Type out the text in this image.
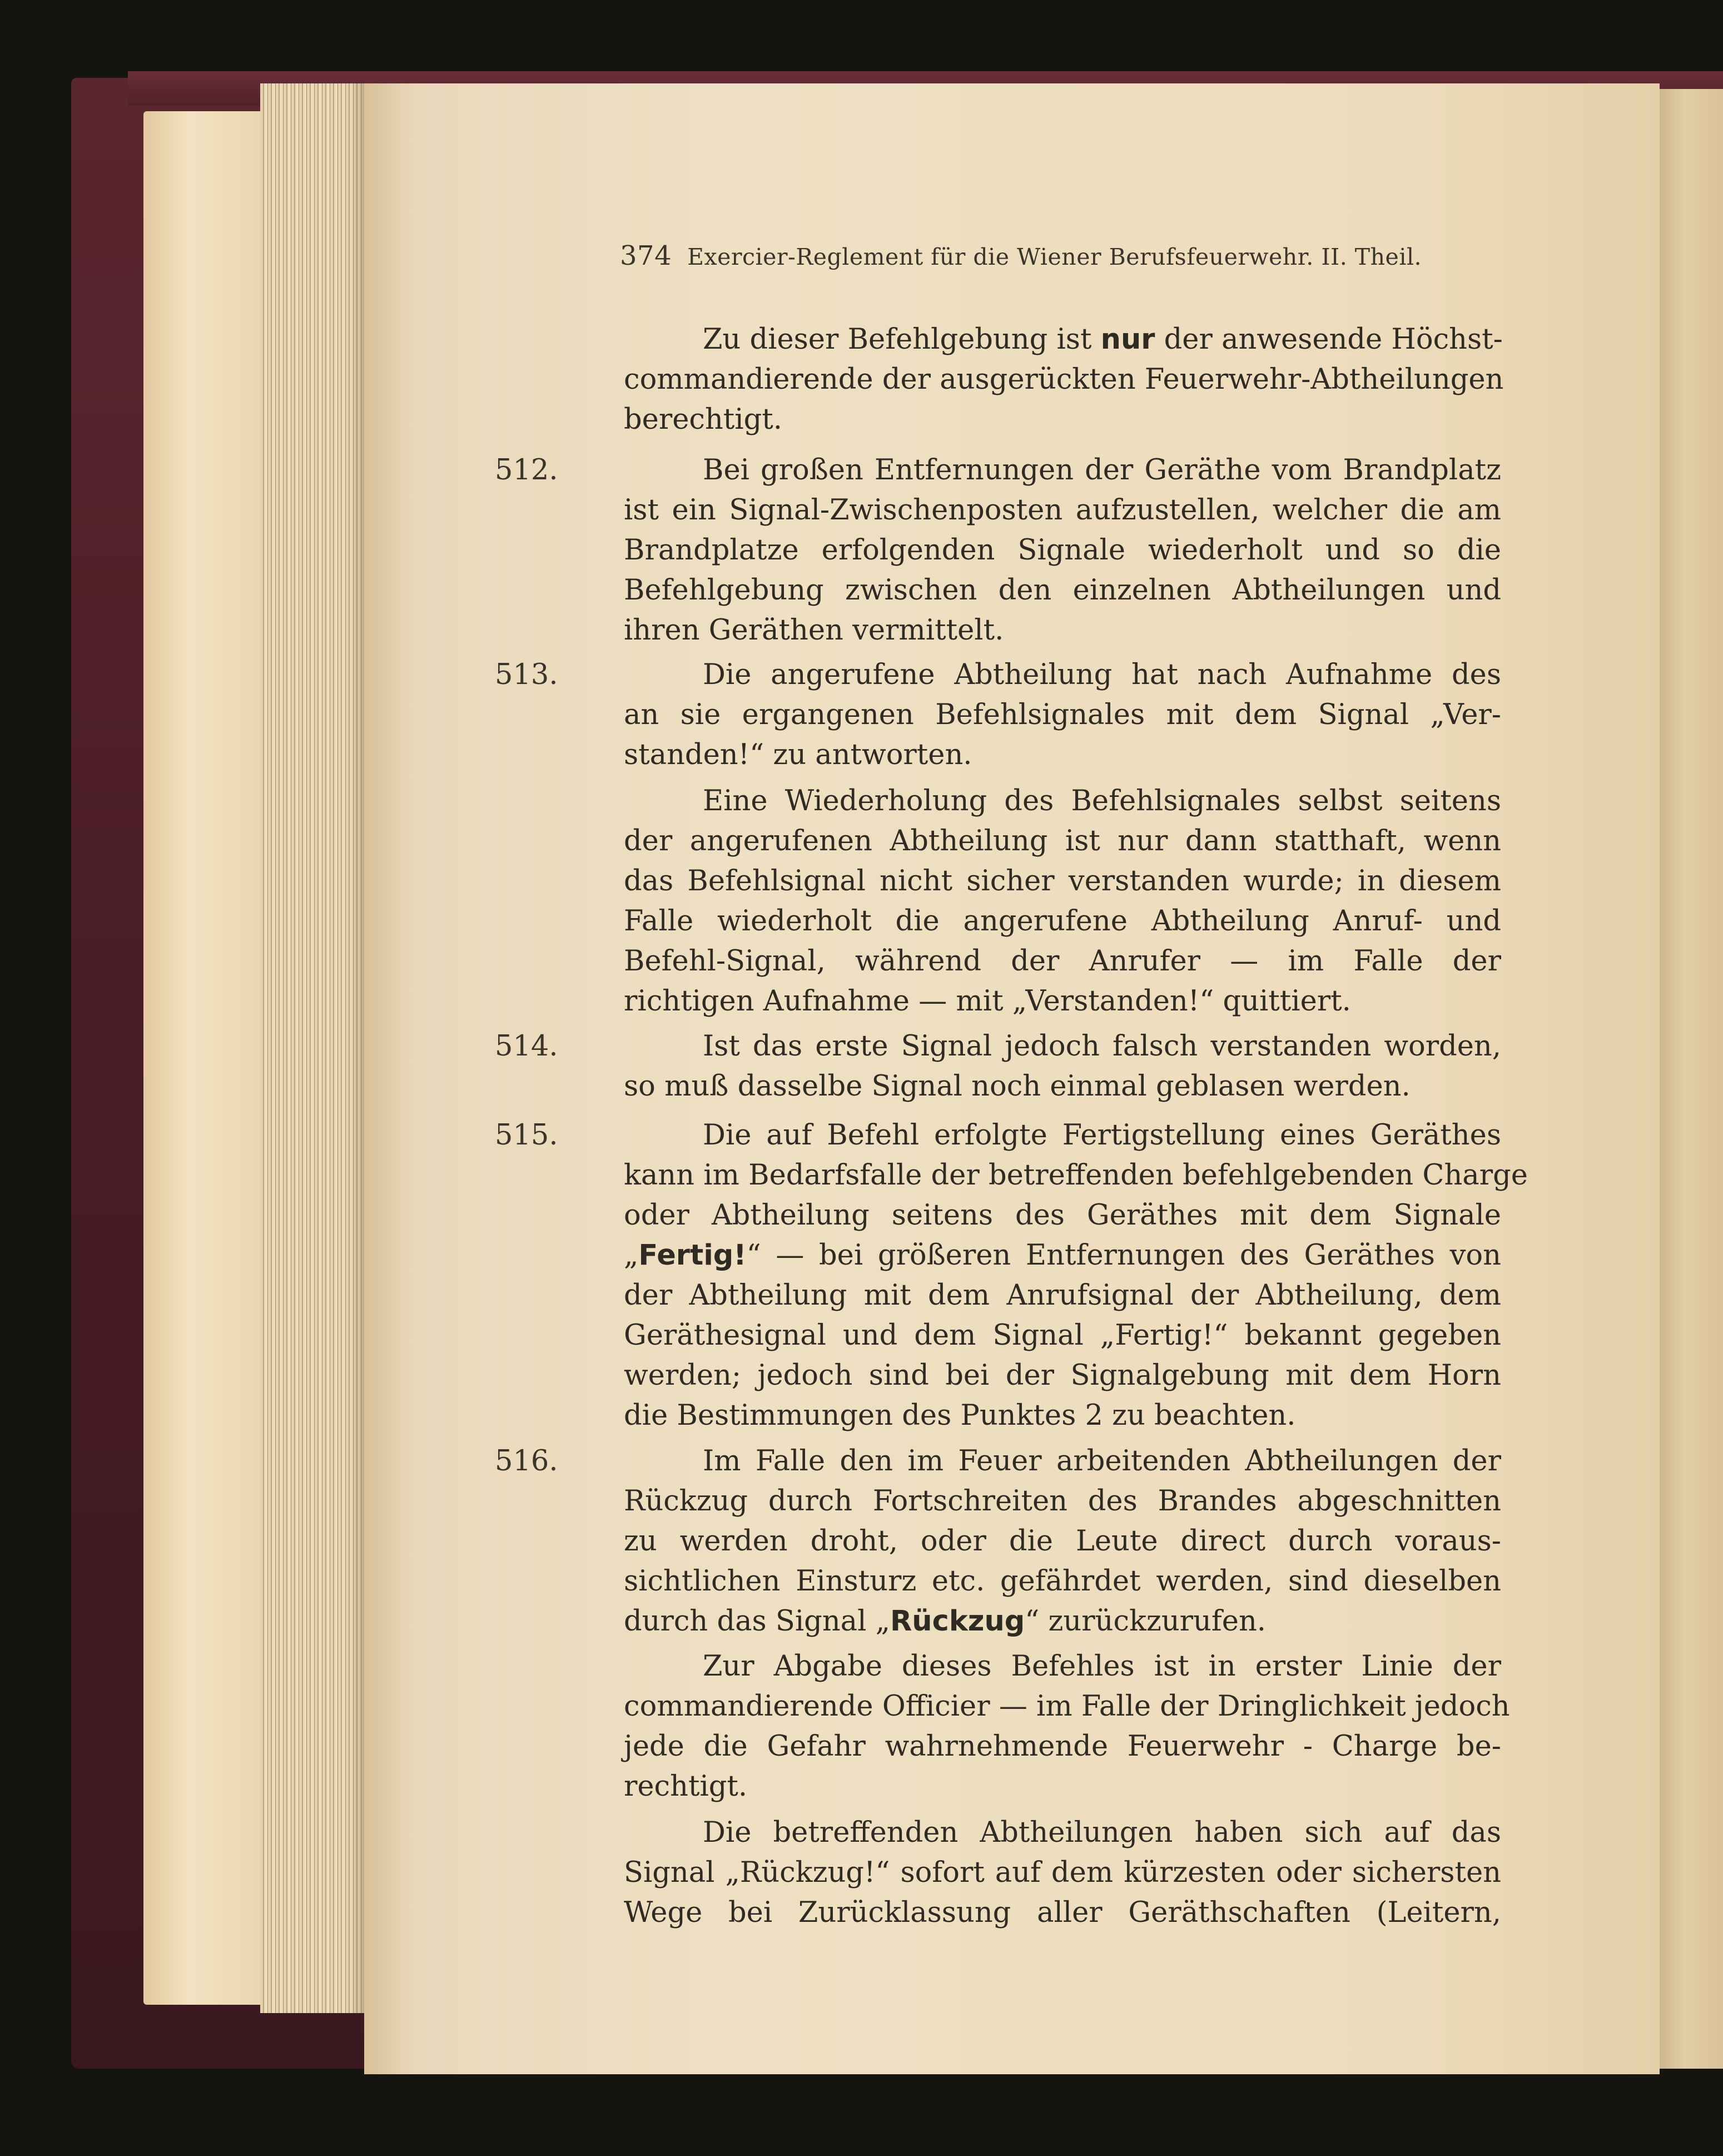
374 Exercier-Reglement für die Wiener Berufsfeuerwehr. II. Theil.
512.
513.
514.
515.
516.
Zu dieser Befehlgebung ist nur der anwesende Höchst-
commandierende der ausgerückten Feuerwehr-Abtheilungen
berechtigt.
Bei großen Entfernungen der Geräthe vom Brandplatz
ist ein Signal-Zwischenposten aufzustellen, welcher die am
Brandplatze erfolgenden Signale wiederholt und so die
Befehlgebung zwischen den einzelnen Abtheilungen und
ihren Geräthen vermittelt.
Die angerufene Abtheilung hat nach Aufnahme des
an sie ergangenen Befehlsignales mit dem Signal „Ver-
standen!“ zu antworten.
Eine Wiederholung des Befehlsignales selbst seitens
der angerufenen Abtheilung ist nur dann statthaft, wenn
das Befehlsignal nicht sicher verstanden wurde; in diesem
Falle wiederholt die angerufene Abtheilung Anruf- und
Befehl-Signal, während der Anrufer — im Falle der
richtigen Aufnahme — mit „Verstanden!“ quittiert.
Ist das erste Signal jedoch falsch verstanden worden,
so muß dasselbe Signal noch einmal geblasen werden.
Die auf Befehl erfolgte Fertigstellung eines Geräthes
kann im Bedarfsfalle der betreffenden befehlgebenden Charge
oder Abtheilung seitens des Geräthes mit dem Signale
„Fertig!“ — bei größeren Entfernungen des Geräthes von
der Abtheilung mit dem Anrufsignal der Abtheilung, dem
Geräthesignal und dem Signal „Fertig!“ bekannt gegeben
werden; jedoch sind bei der Signalgebung mit dem Horn
die Bestimmungen des Punktes 2 zu beachten.
Im Falle den im Feuer arbeitenden Abtheilungen der
Rückzug durch Fortschreiten des Brandes abgeschnitten
zu werden droht, oder die Leute direct durch voraus-
sichtlichen Einsturz etc. gefährdet werden, sind dieselben
durch das Signal „Rückzug“ zurückzurufen.
Zur Abgabe dieses Befehles ist in erster Linie der
commandierende Officier — im Falle der Dringlichkeit jedoch
jede die Gefahr wahrnehmende Feuerwehr - Charge be-
rechtigt.
Die betreffenden Abtheilungen haben sich auf das
Signal „Rückzug!“ sofort auf dem kürzesten oder sichersten
Wege bei Zurücklassung aller Geräthschaften (Leitern,
